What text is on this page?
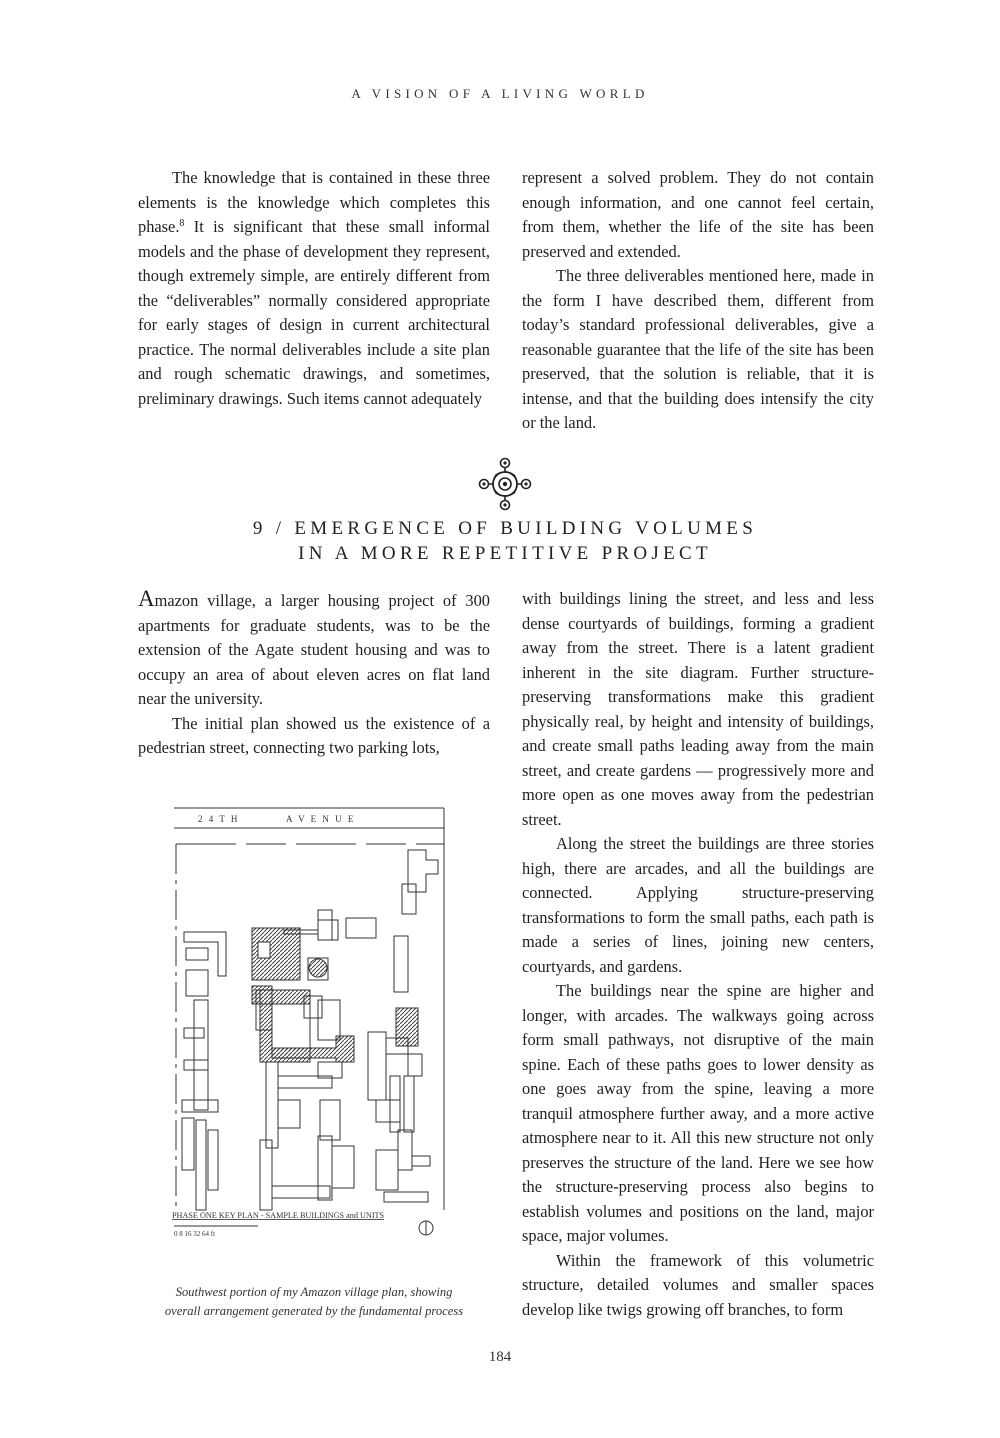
A VISION OF A LIVING WORLD

The knowledge that is contained in these three elements is the knowledge which completes this phase.$^8$ It is significant that these small informal models and the phase of development they represent, though extremely simple, are entirely different from the “deliverables” normally considered appropriate for early stages of design in current architectural practice. The normal deliverables include a site plan and rough schematic drawings, and sometimes, preliminary drawings. Such items cannot adequately

represent a solved problem. They do not contain enough information, and one cannot feel certain, from them, whether the life of the site has been preserved and extended.

The three deliverables mentioned here, made in the form I have described them, different from today’s standard professional deliverables, give a reasonable guarantee that the life of the site has been preserved, that the solution is reliable, that it is intense, and that the building does intensify the city or the land.

9 / EMERGENCE OF BUILDING VOLUMES
IN A MORE REPETITIVE PROJECT

Amazon village, a larger housing project of 300 apartments for graduate students, was to be the extension of the Agate student housing and was to occupy an area of about eleven acres on flat land near the university.

The initial plan showed us the existence of a pedestrian street, connecting two parking lots,

with buildings lining the street, and less and less dense courtyards of buildings, forming a gradient away from the street. There is a latent gradient inherent in the site diagram. Further structure-preserving transformations make this gradient physically real, by height and intensity of buildings, and create small paths leading away from the main street, and create gardens — progressively more and more open as one moves away from the pedestrian street.

Along the street the buildings are three stories high, there are arcades, and all the buildings are connected. Applying structure-preserving transformations to form the small paths, each path is made a series of lines, joining new centers, courtyards, and gardens.

The buildings near the spine are higher and longer, with arcades. The walkways going across form small pathways, not disruptive of the main spine. Each of these paths goes to lower density as one goes away from the spine, leaving a more tranquil atmosphere further away, and a more active atmosphere near to it. All this new structure not only preserves the structure of the land. Here we see how the structure-preserving process also begins to establish volumes and positions on the land, major space, major volumes.

Within the framework of this volumetric structure, detailed volumes and smaller spaces develop like twigs growing off branches, to form

2 4 T H	A V E N U E
PHASE ONE KEY PLAN - SAMPLE BUILDINGS and UNITS
0 8 16 32 64 ft
Southwest portion of my Amazon village plan, showing
overall arrangement generated by the fundamental process
184
